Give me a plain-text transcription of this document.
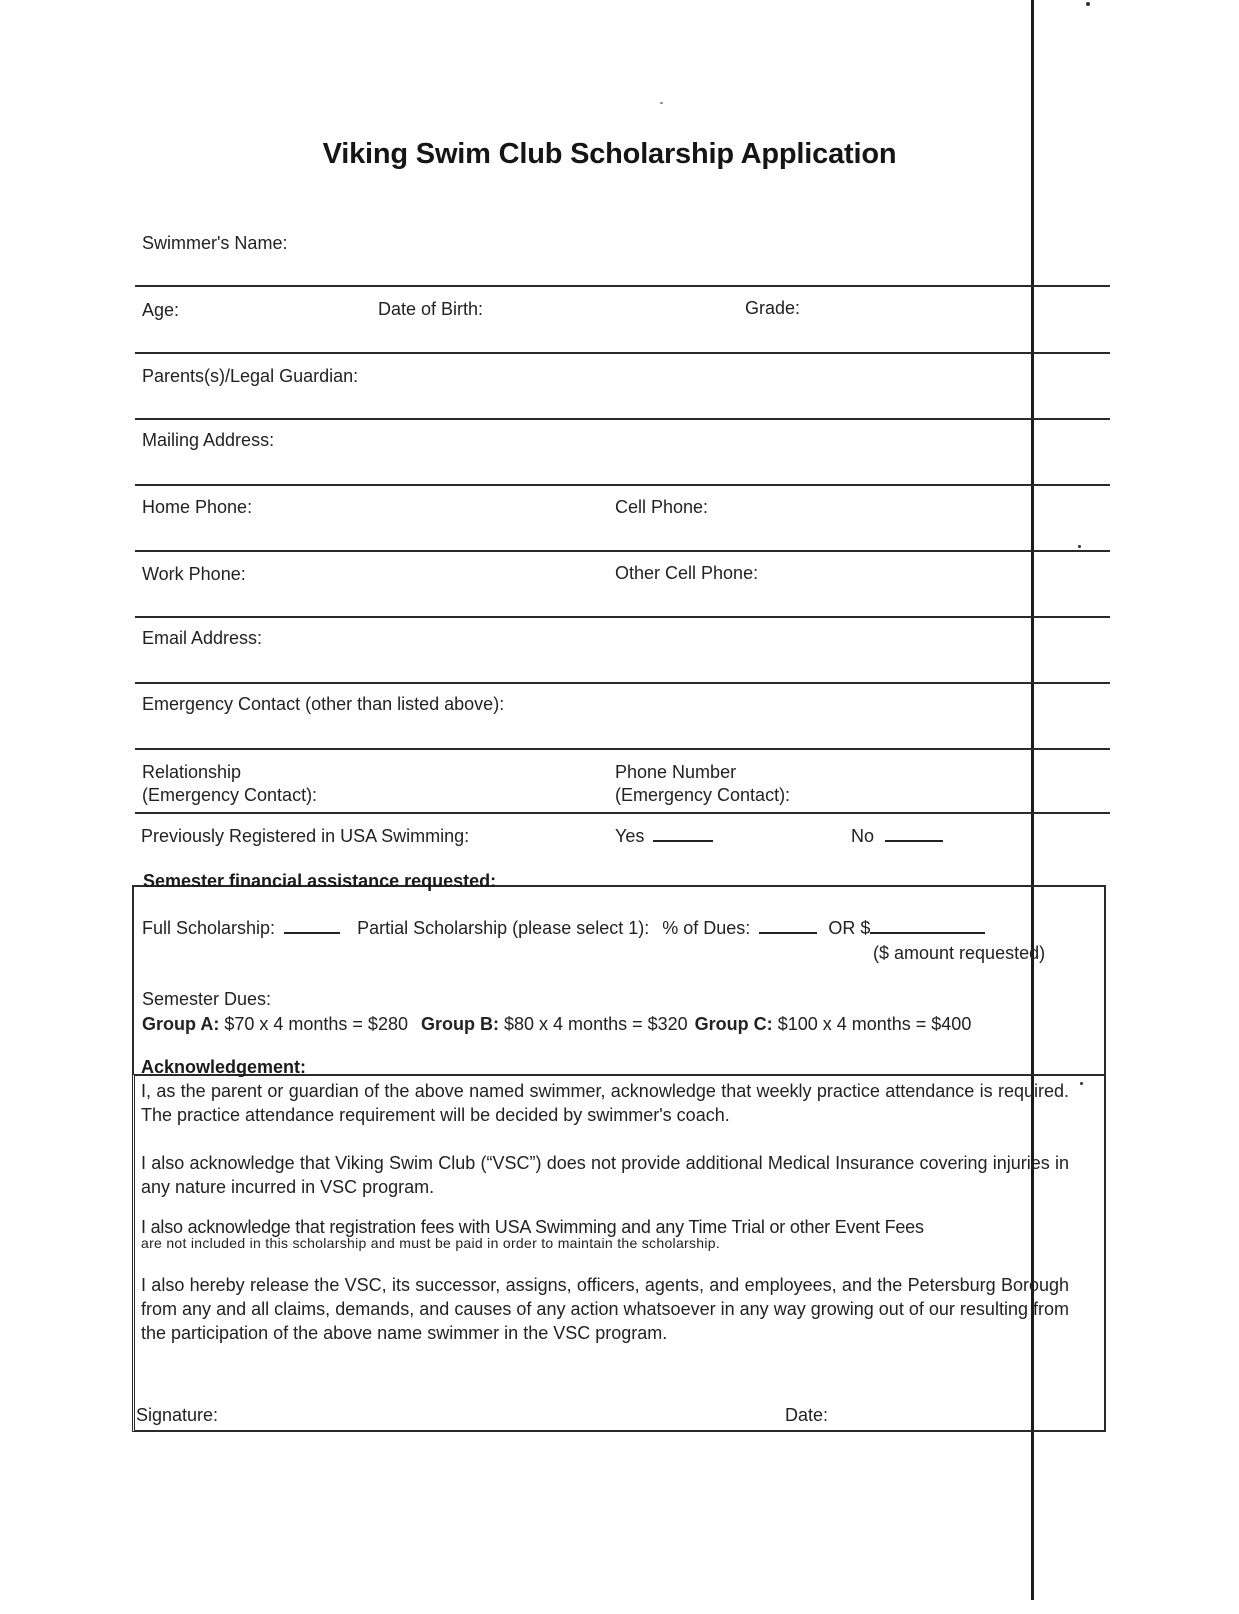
Viking Swim Club Scholarship Application
Swimmer's Name:
Age:	Date of Birth:	Grade:
Parents(s)/Legal Guardian:
Mailing Address:
Home Phone:	Cell Phone:
Work Phone:	Other Cell Phone:
Email Address:
Emergency Contact (other than listed above):
Relationship
(Emergency Contact):
Phone Number
(Emergency Contact):
Previously Registered in USA Swimming:	Yes	No
Semester financial assistance requested:
Full Scholarship:	Partial Scholarship (please select 1): % of Dues:	OR $
($ amount requested)
Semester Dues:
Group A: $70 x 4 months = $280 Group B: $80 x 4 months = $320 Group C: $100 x 4 months = $400
Acknowledgement:
I, as the parent or guardian of the above named swimmer, acknowledge that weekly practice attendance is required. The practice attendance requirement will be decided by swimmer's coach.
I also acknowledge that Viking Swim Club (“VSC”) does not provide additional Medical Insurance covering injuries in any nature incurred in VSC program.
I also acknowledge that registration fees with USA Swimming and any Time Trial or other Event Fees
are not included in this scholarship and must be paid in order to maintain the scholarship.
I also hereby release the VSC, its successor, assigns, officers, agents, and employees, and the Petersburg Borough from any and all claims, demands, and causes of any action whatsoever in any way growing out of our resulting from the participation of the above name swimmer in the VSC program.
Signature:	Date:
